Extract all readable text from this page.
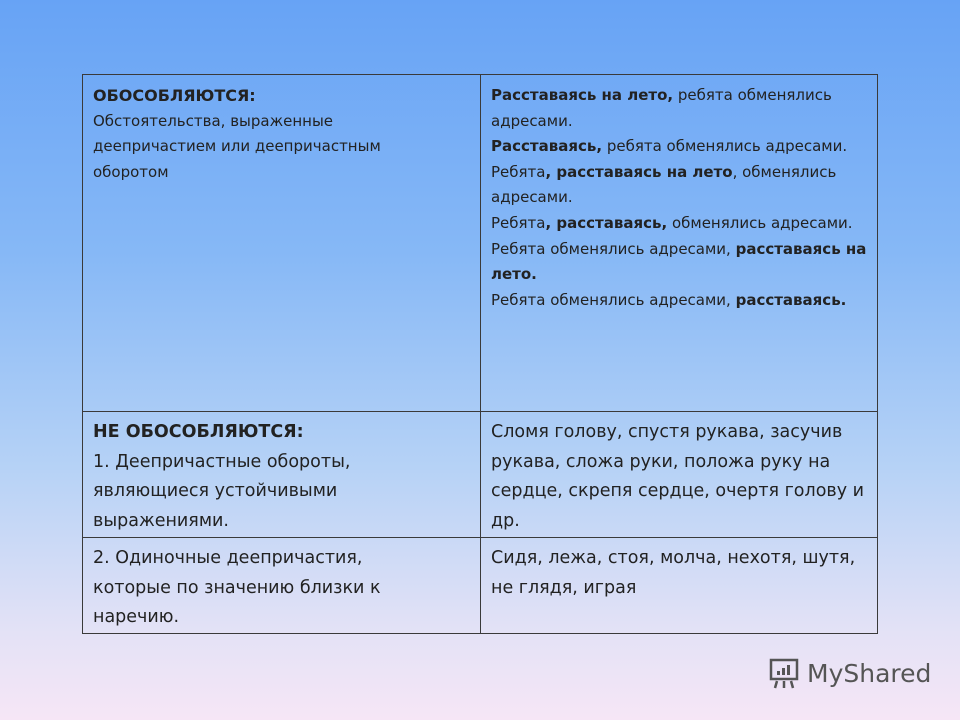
ОБОСОБЛЯЮТСЯ:
Обстоятельства, выраженные деепричастием или деепричастным оборотом
Расставаясь на лето, ребята обменялись адресами.
Расставаясь, ребята обменялись адресами.
Ребята, расставаясь на лето, обменялись адресами.
Ребята, расставаясь, обменялись адресами.
Ребята обменялись адресами, расставаясь на лето.
Ребята обменялись адресами, расставаясь.
НЕ ОБОСОБЛЯЮТСЯ:
1. Деепричастные обороты, являющиеся устойчивыми выражениями.
Сломя голову, спустя рукава, засучив рукава, сложа руки, положа руку на сердце, скрепя сердце, очертя голову и др.
2. Одиночные деепричастия, которые по значению близки к наречию.
Сидя, лежа, стоя, молча, нехотя, шутя, не глядя, играя
MyShared
